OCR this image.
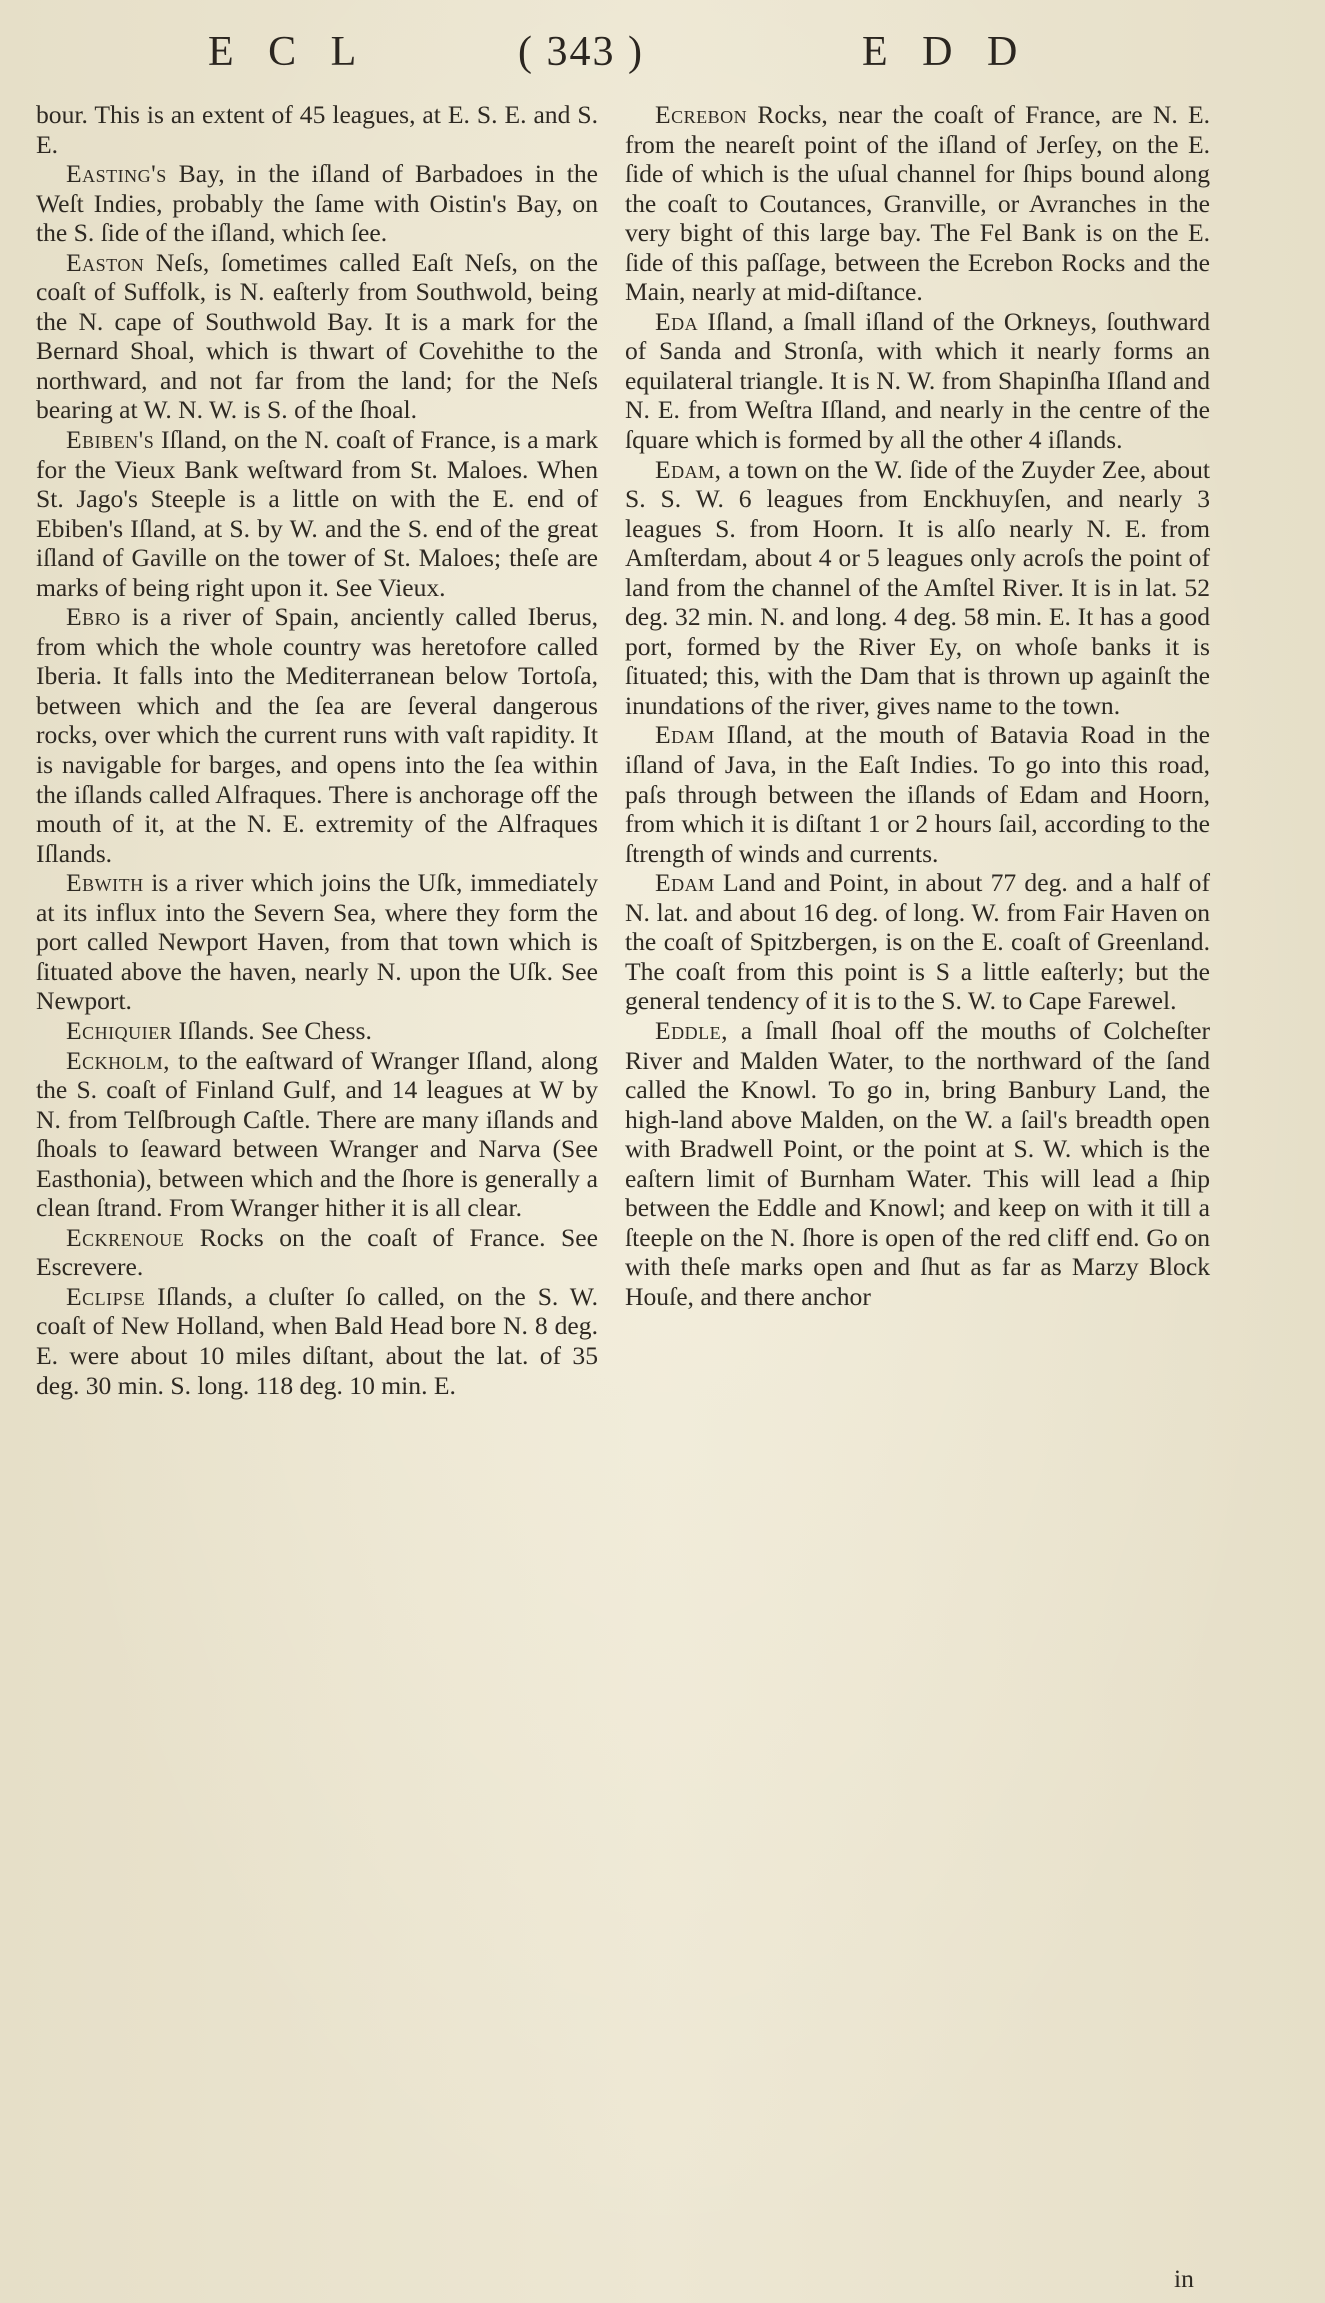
E C L	( 343 )	E D D

bour. This is an extent of 45 leagues, at E. S. E. and S. E.

Easting's Bay, in the iſland of Barbadoes in the Weſt Indies, probably the ſame with Oistin's Bay, on the S. ſide of the iſland, which ſee.

Easton Neſs, ſometimes called Eaſt Neſs, on the coaſt of Suffolk, is N. eaſterly from Southwold, being the N. cape of Southwold Bay. It is a mark for the Bernard Shoal, which is thwart of Covehithe to the northward, and not far from the land; for the Neſs bearing at W. N. W. is S. of the ſhoal.

Ebiben's Iſland, on the N. coaſt of France, is a mark for the Vieux Bank weſtward from St. Maloes. When St. Jago's Steeple is a little on with the E. end of Ebiben's Iſland, at S. by W. and the S. end of the great iſland of Gaville on the tower of St. Maloes; theſe are marks of being right upon it. See Vieux.

Ebro is a river of Spain, anciently called Iberus, from which the whole country was heretofore called Iberia. It falls into the Mediterranean below Tortoſa, between which and the ſea are ſeveral dangerous rocks, over which the current runs with vaſt rapidity. It is navigable for barges, and opens into the ſea within the iſlands called Alfraques. There is anchorage off the mouth of it, at the N. E. extremity of the Alfraques Iſlands.

Ebwith is a river which joins the Uſk, immediately at its influx into the Severn Sea, where they form the port called Newport Haven, from that town which is ſituated above the haven, nearly N. upon the Uſk. See Newport.

Echiquier Iſlands. See Chess.

Eckholm, to the eaſtward of Wranger Iſland, along the S. coaſt of Finland Gulf, and 14 leagues at W by N. from Telſbrough Caſtle. There are many iſlands and ſhoals to ſeaward between Wranger and Narva (See Easthonia), between which and the ſhore is generally a clean ſtrand. From Wranger hither it is all clear.

Eckrenoue Rocks on the coaſt of France. See Escrevere.

Eclipse Iſlands, a cluſter ſo called, on the S. W. coaſt of New Holland, when Bald Head bore N. 8 deg. E. were about 10 miles diſtant, about the lat. of 35 deg. 30 min. S. long. 118 deg. 10 min. E.

Ecrebon Rocks, near the coaſt of France, are N. E. from the neareſt point of the iſland of Jerſey, on the E. ſide of which is the uſual channel for ſhips bound along the coaſt to Coutances, Granville, or Avranches in the very bight of this large bay. The Fel Bank is on the E. ſide of this paſſage, between the Ecrebon Rocks and the Main, nearly at mid-diſtance.

Eda Iſland, a ſmall iſland of the Orkneys, ſouthward of Sanda and Stronſa, with which it nearly forms an equilateral triangle. It is N. W. from Shapinſha Iſland and N. E. from Weſtra Iſland, and nearly in the centre of the ſquare which is formed by all the other 4 iſlands.

Edam, a town on the W. ſide of the Zuyder Zee, about S. S. W. 6 leagues from Enckhuyſen, and nearly 3 leagues S. from Hoorn. It is alſo nearly N. E. from Amſterdam, about 4 or 5 leagues only acroſs the point of land from the channel of the Amſtel River. It is in lat. 52 deg. 32 min. N. and long. 4 deg. 58 min. E. It has a good port, formed by the River Ey, on whoſe banks it is ſituated; this, with the Dam that is thrown up againſt the inundations of the river, gives name to the town.

Edam Iſland, at the mouth of Batavia Road in the iſland of Java, in the Eaſt Indies. To go into this road, paſs through between the iſlands of Edam and Hoorn, from which it is diſtant 1 or 2 hours ſail, according to the ſtrength of winds and currents.

Edam Land and Point, in about 77 deg. and a half of N. lat. and about 16 deg. of long. W. from Fair Haven on the coaſt of Spitzbergen, is on the E. coaſt of Greenland. The coaſt from this point is S a little eaſterly; but the general tendency of it is to the S. W. to Cape Farewel.

Eddle, a ſmall ſhoal off the mouths of Colcheſter River and Malden Water, to the northward of the ſand called the Knowl. To go in, bring Banbury Land, the high-land above Malden, on the W. a ſail's breadth open with Bradwell Point, or the point at S. W. which is the eaſtern limit of Burnham Water. This will lead a ſhip between the Eddle and Knowl; and keep on with it till a ſteeple on the N. ſhore is open of the red cliff end. Go on with theſe marks open and ſhut as far as Marzy Block Houſe, and there anchor

in
